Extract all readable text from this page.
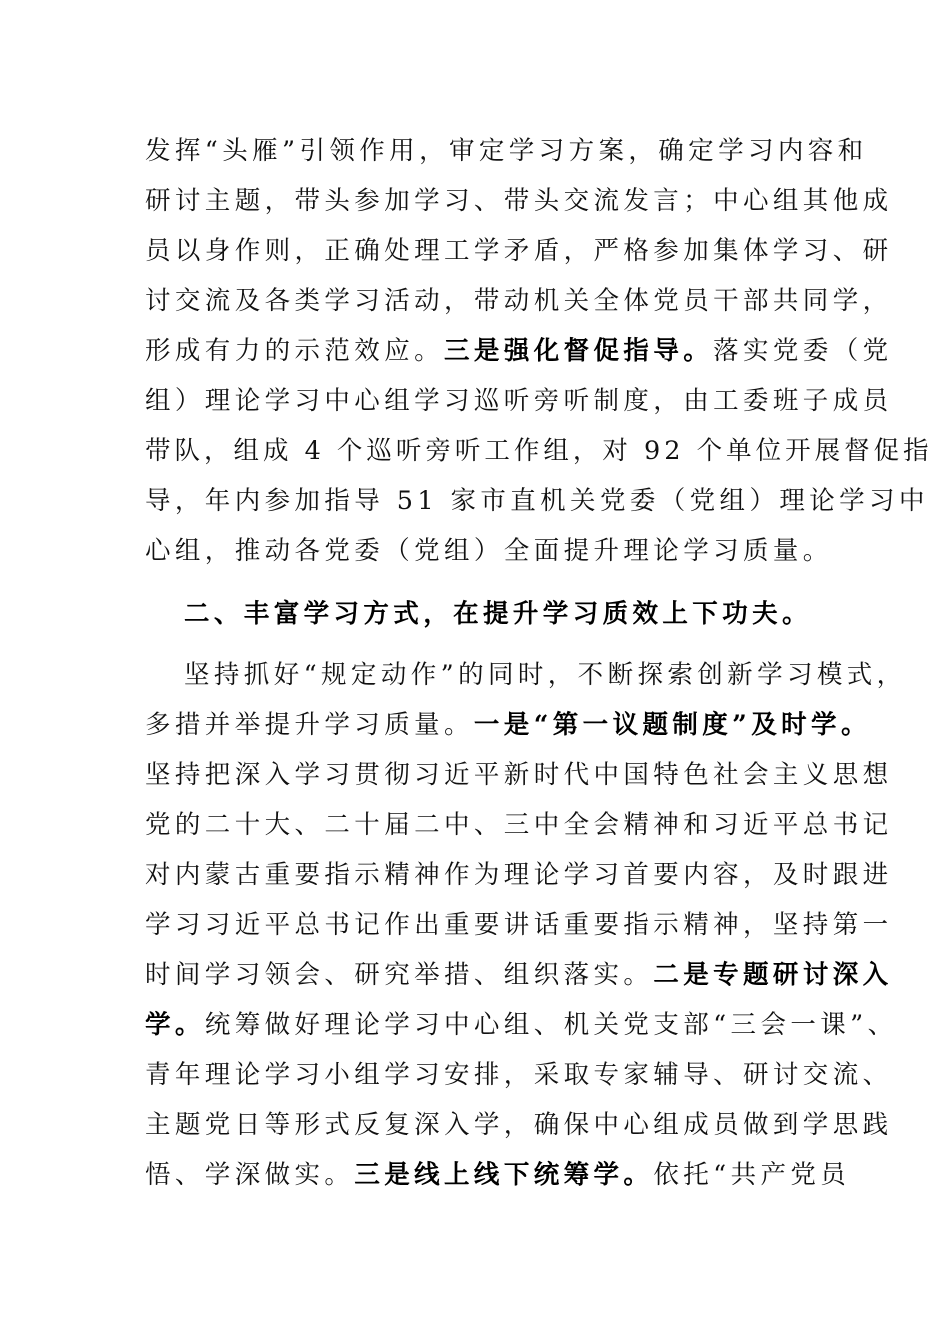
发挥“头雁”引领作用，审定学习方案，确定学习内容和
研讨主题，带头参加学习、带头交流发言；中心组其他成
员以身作则，正确处理工学矛盾，严格参加集体学习、研
讨交流及各类学习活动，带动机关全体党员干部共同学，
形成有力的示范效应。三是强化督促指导。落实党委（党
组）理论学习中心组学习巡听旁听制度，由工委班子成员
带队，组成 4 个巡听旁听工作组，对 92 个单位开展督促指
导，年内参加指导 51 家市直机关党委（党组）理论学习中
心组，推动各党委（党组）全面提升理论学习质量。
二、丰富学习方式，在提升学习质效上下功夫。
坚持抓好“规定动作”的同时，不断探索创新学习模式，
多措并举提升学习质量。一是“第一议题制度”及时学。
坚持把深入学习贯彻习近平新时代中国特色社会主义思想
党的二十大、二十届二中、三中全会精神和习近平总书记
对内蒙古重要指示精神作为理论学习首要内容，及时跟进
学习习近平总书记作出重要讲话重要指示精神，坚持第一
时间学习领会、研究举措、组织落实。二是专题研讨深入
学。统筹做好理论学习中心组、机关党支部“三会一课”、
青年理论学习小组学习安排，采取专家辅导、研讨交流、
主题党日等形式反复深入学，确保中心组成员做到学思践
悟、学深做实。三是线上线下统筹学。依托“共产党员
